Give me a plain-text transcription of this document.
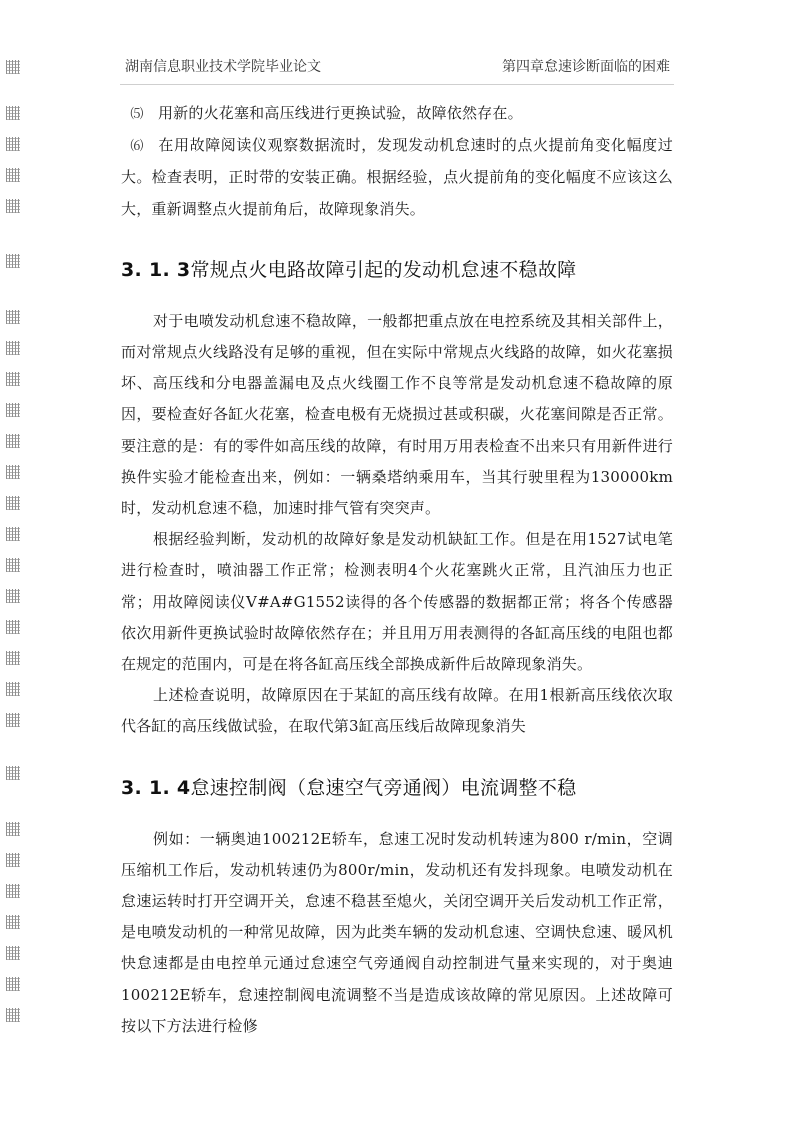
湖南信息职业技术学院毕业论文	第四章怠速诊断面临的困难

⑸ 用新的火花塞和高压线进行更换试验，故障依然存在。

⑹ 在用故障阅读仪观察数据流时，发现发动机怠速时的点火提前角变化幅度过大。检查表明，正时带的安装正确。根据经验，点火提前角的变化幅度不应该这么大，重新调整点火提前角后，故障现象消失。

3. 1. 3常规点火电路故障引起的发动机怠速不稳故障

对于电喷发动机怠速不稳故障，一般都把重点放在电控系统及其相关部件上，而对常规点火线路没有足够的重视，但在实际中常规点火线路的故障，如火花塞损坏、高压线和分电器盖漏电及点火线圈工作不良等常是发动机怠速不稳故障的原因，要检查好各缸火花塞，检查电极有无烧损过甚或积碳，火花塞间隙是否正常。要注意的是：有的零件如高压线的故障，有时用万用表检查不出来只有用新件进行换件实验才能检查出来，例如：一辆桑塔纳乘用车，当其行驶里程为130000km时，发动机怠速不稳，加速时排气管有突突声。

根据经验判断，发动机的故障好象是发动机缺缸工作。但是在用1527试电笔进行检查时，喷油器工作正常；检测表明4个火花塞跳火正常，且汽油压力也正常；用故障阅读仪V#A#G1552读得的各个传感器的数据都正常；将各个传感器依次用新件更换试验时故障依然存在；并且用万用表测得的各缸高压线的电阻也都在规定的范围内，可是在将各缸高压线全部换成新件后故障现象消失。

上述检查说明，故障原因在于某缸的高压线有故障。在用1根新高压线依次取代各缸的高压线做试验，在取代第3缸高压线后故障现象消失

3. 1. 4怠速控制阀（怠速空气旁通阀）电流调整不稳

例如：一辆奥迪100212E轿车，怠速工况时发动机转速为800 r/min，空调压缩机工作后，发动机转速仍为800r/min，发动机还有发抖现象。电喷发动机在怠速运转时打开空调开关，怠速不稳甚至熄火，关闭空调开关后发动机工作正常，是电喷发动机的一种常见故障，因为此类车辆的发动机怠速、空调快怠速、暖风机快怠速都是由电控单元通过怠速空气旁通阀自动控制进气量来实现的，对于奥迪100212E轿车，怠速控制阀电流调整不当是造成该故障的常见原因。上述故障可按以下方法进行检修
